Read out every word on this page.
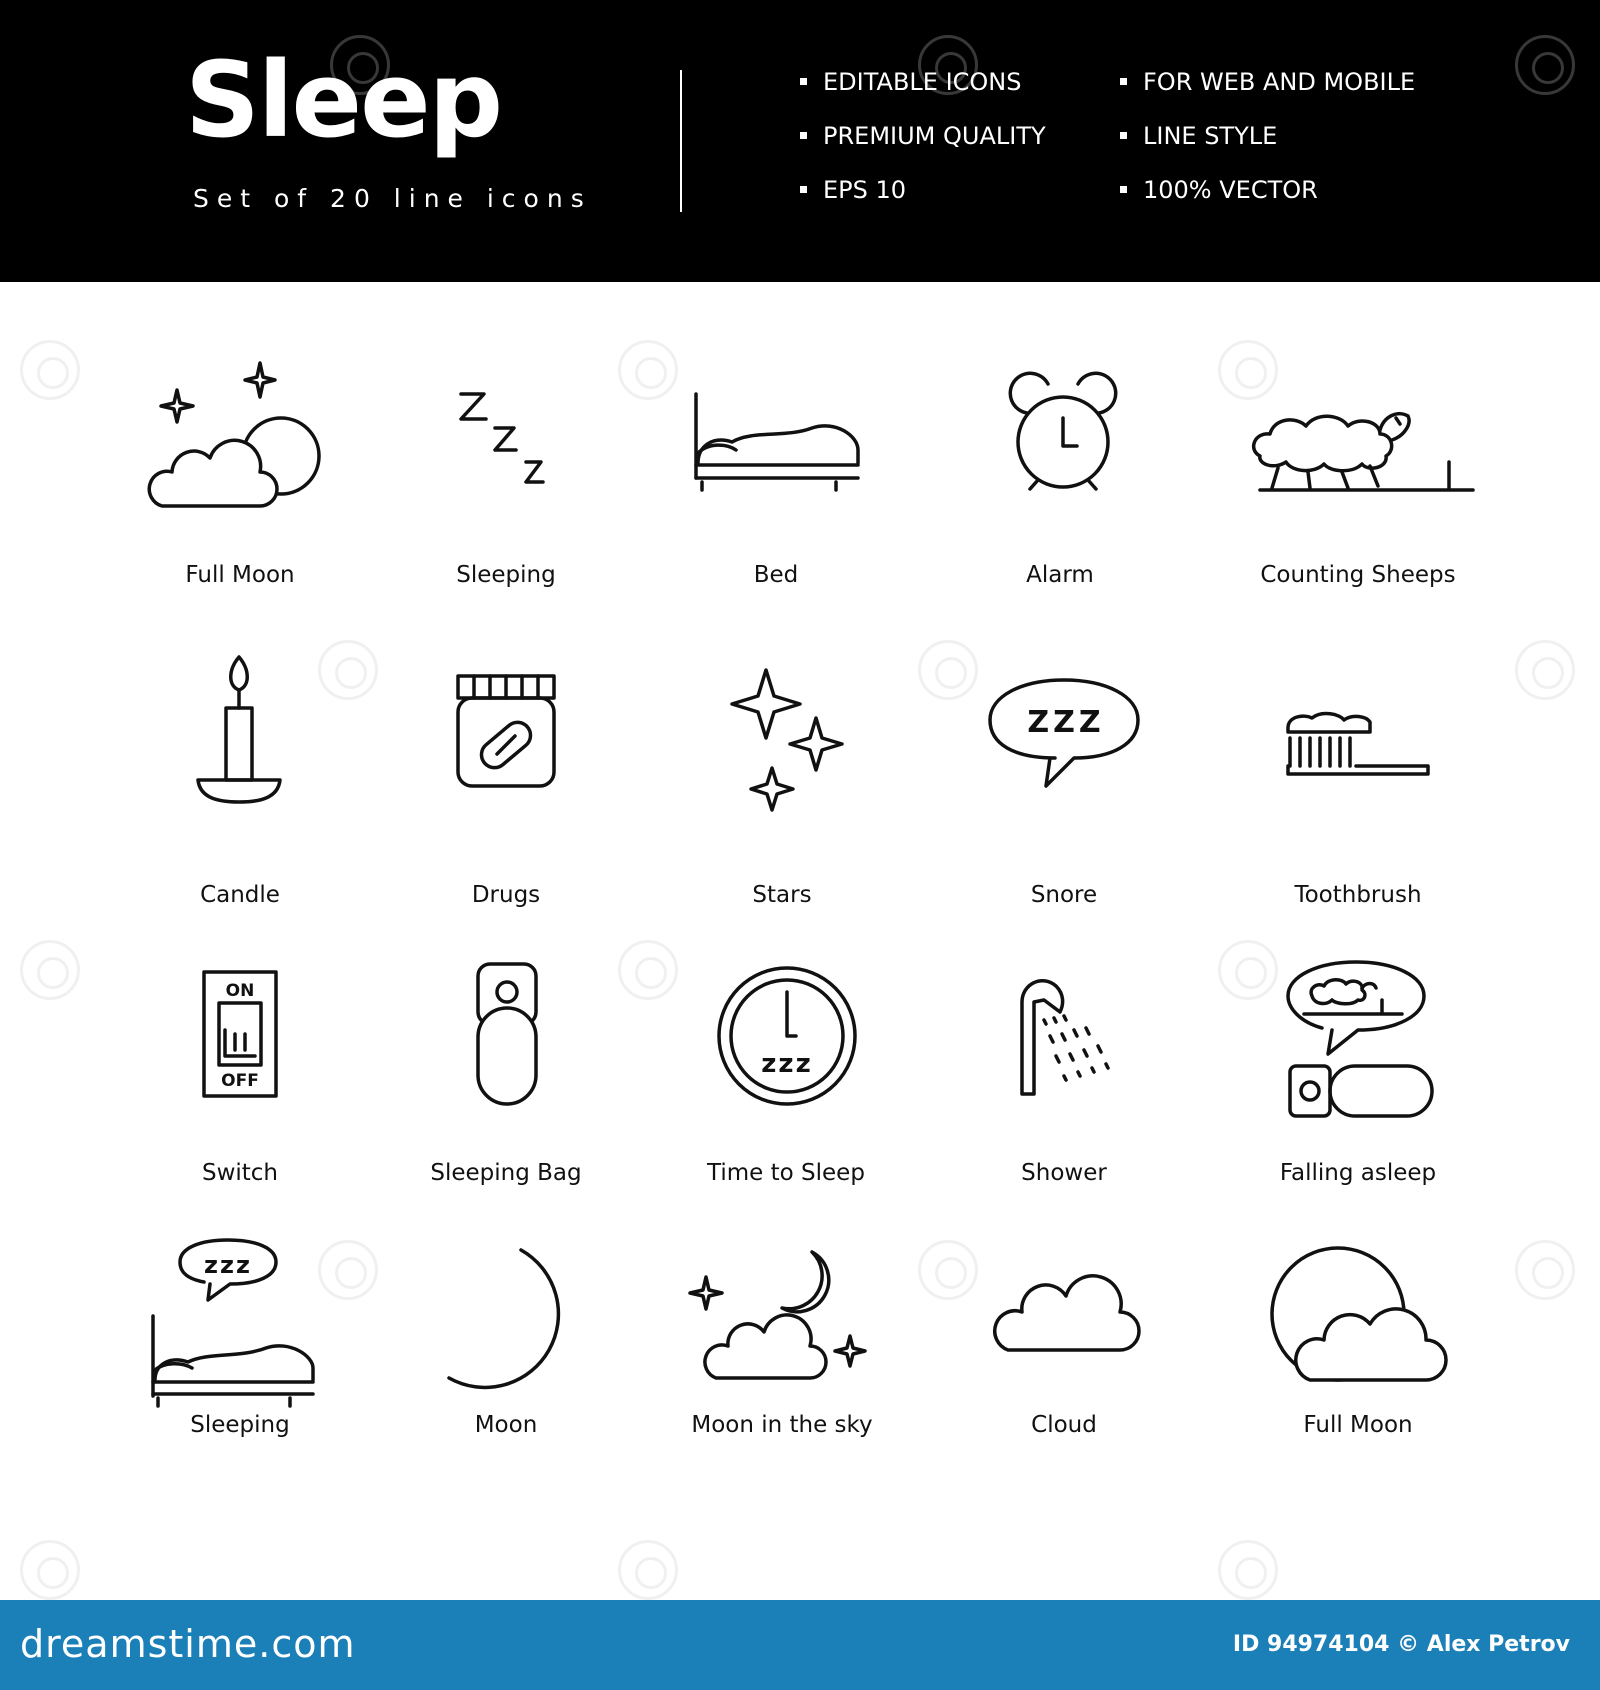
Sleep
Set of 20 line icons
EDITABLE ICONS
PREMIUM QUALITY
EPS 10
FOR WEB AND MOBILE
LINE STYLE
100% VECTOR
Full Moon	Sleeping	Bed	Alarm	Counting Sheeps
Candle	Drugs	Stars
ZZZ
Snore	Toothbrush
ON
OFF
Switch	Sleeping Bag
zzz
Time to Sleep	Shower	Falling asleep
zzz
Sleeping	Moon	Moon in the sky	Cloud	Full Moon
dreamstime.com	ID 94974104 © Alex Petrov
